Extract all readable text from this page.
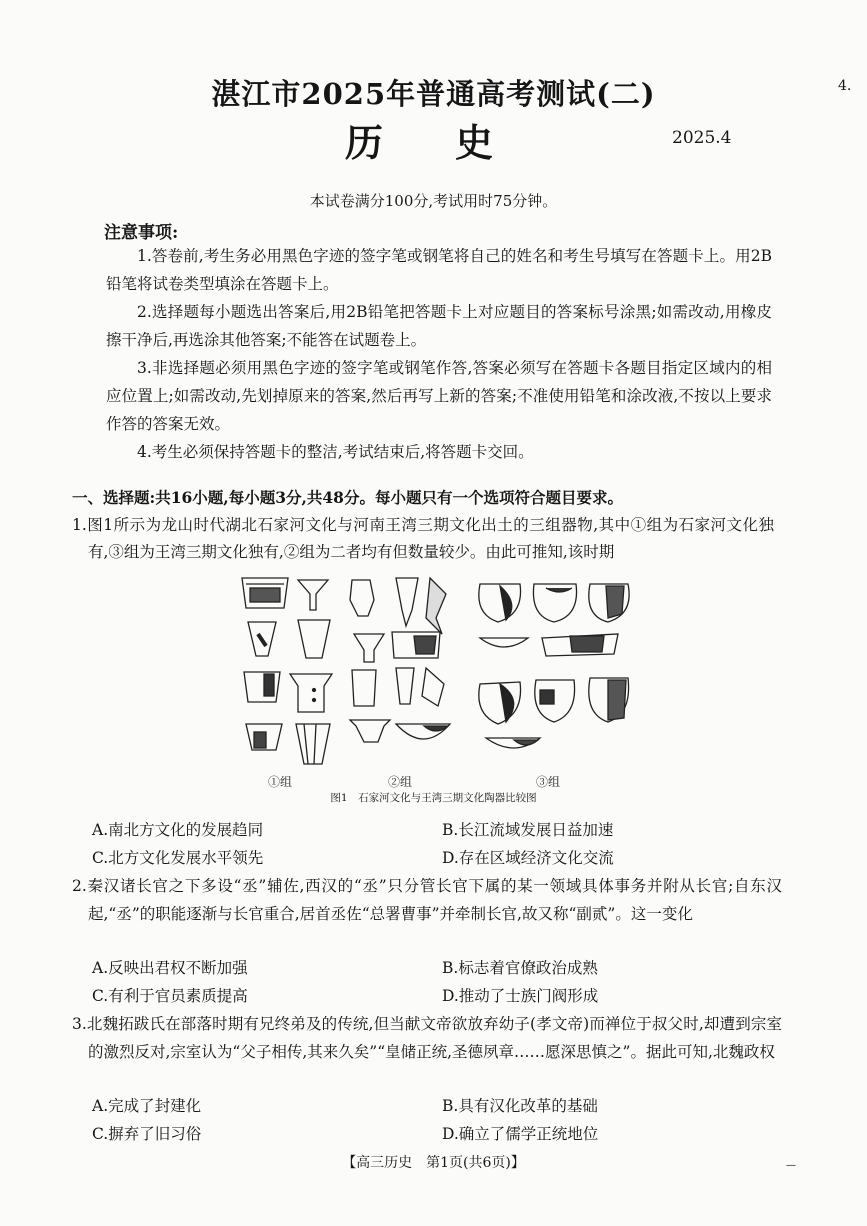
湛江市2025年普通高考测试(二)	4.
历史	2025.4
本试卷满分100分,考试用时75分钟。
注意事项:

1.答卷前,考生务必用黑色字迹的签字笔或钢笔将自己的姓名和考生号填写在答题卡上。用2B铅笔将试卷类型填涂在答题卡上。

2.选择题每小题选出答案后,用2B铅笔把答题卡上对应题目的答案标号涂黑;如需改动,用橡皮擦干净后,再选涂其他答案;不能答在试题卷上。

3.非选择题必须用黑色字迹的签字笔或钢笔作答,答案必须写在答题卡各题目指定区域内的相应位置上;如需改动,先划掉原来的答案,然后再写上新的答案;不准使用铅笔和涂改液,不按以上要求作答的答案无效。

4.考生必须保持答题卡的整洁,考试结束后,将答题卡交回。

一、选择题:共16小题,每小题3分,共48分。每小题只有一个选项符合题目要求。

1.图1所示为龙山时代湖北石家河文化与河南王湾三期文化出土的三组器物,其中①组为石家河文化独有,③组为王湾三期文化独有,②组为二者均有但数量较少。由此可推知,该时期

①组	②组	③组
图1　石家河文化与王湾三期文化陶器比较图
A.南北方文化的发展趋同	B.长江流域发展日益加速
C.北方文化发展水平领先	D.存在区域经济文化交流

2.秦汉诸长官之下多设“丞”辅佐,西汉的“丞”只分管长官下属的某一领域具体事务并附从长官;自东汉起,“丞”的职能逐渐与长官重合,居首丞佐“总署曹事”并牵制长官,故又称“副贰”。这一变化

A.反映出君权不断加强	B.标志着官僚政治成熟
C.有利于官员素质提高	D.推动了士族门阀形成

3.北魏拓跋氏在部落时期有兄终弟及的传统,但当献文帝欲放弃幼子(孝文帝)而禅位于叔父时,却遭到宗室的激烈反对,宗室认为“父子相传,其来久矣”“皇储正统,圣德夙章……愿深思慎之”。据此可知,北魏政权

A.完成了封建化	B.具有汉化改革的基础
C.摒弃了旧习俗	D.确立了儒学正统地位
【高三历史　第1页(共6页)】	—
